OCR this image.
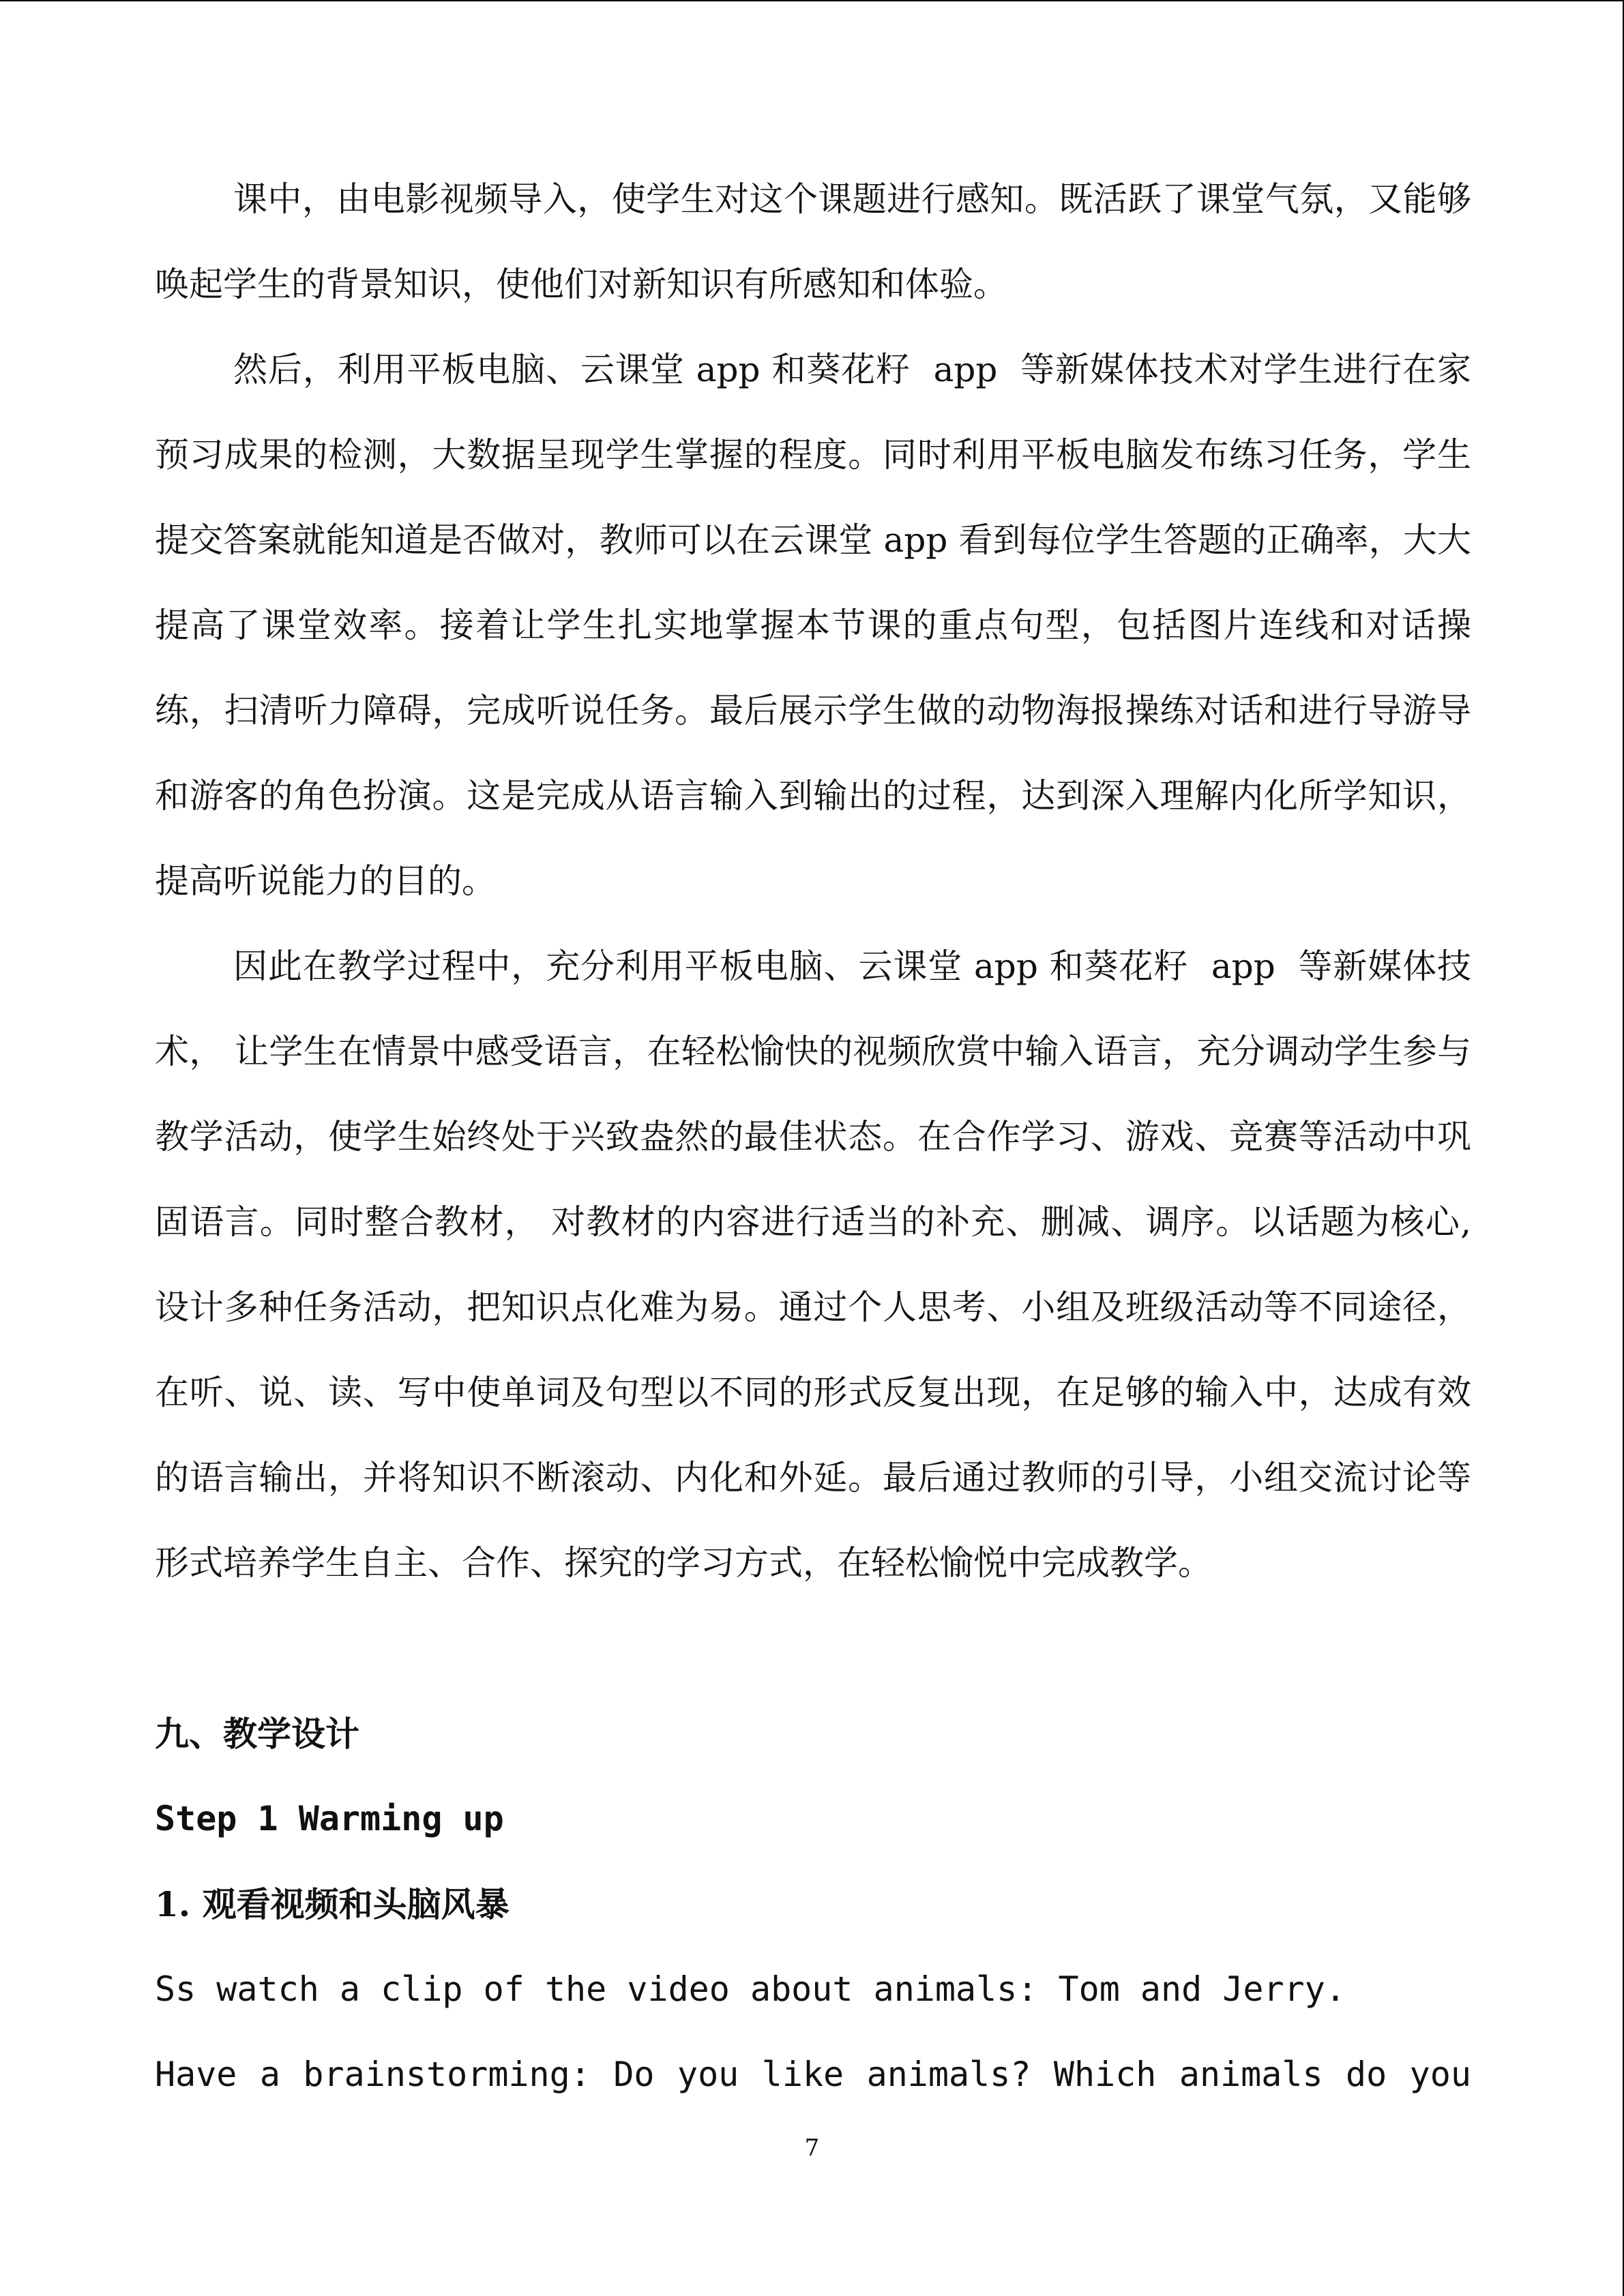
课中，由电影视频导入，使学生对这个课题进行感知。既活跃了课堂气氛，又能够唤起学生的背景知识，使他们对新知识有所感知和体验。
然后，利用平板电脑、云课堂 app 和葵花籽  app  等新媒体技术对学生进行在家预习成果的检测，大数据呈现学生掌握的程度。同时利用平板电脑发布练习任务，学生提交答案就能知道是否做对，教师可以在云课堂 app 看到每位学生答题的正确率，大大提高了课堂效率。接着让学生扎实地掌握本节课的重点句型，包括图片连线和对话操练，扫清听力障碍，完成听说任务。最后展示学生做的动物海报操练对话和进行导游导和游客的角色扮演。这是完成从语言输入到输出的过程，达到深入理解内化所学知识，提高听说能力的目的。
因此在教学过程中，充分利用平板电脑、云课堂 app 和葵花籽  app  等新媒体技术， 让学生在情景中感受语言，在轻松愉快的视频欣赏中输入语言，充分调动学生参与教学活动，使学生始终处于兴致盎然的最佳状态。在合作学习、游戏、竞赛等活动中巩固语言。同时整合教材， 对教材的内容进行适当的补充、删减、调序。以话题为核心,设计多种任务活动，把知识点化难为易。通过个人思考、小组及班级活动等不同途径，在听、说、读、写中使单词及句型以不同的形式反复出现，在足够的输入中，达成有效的语言输出，并将知识不断滚动、内化和外延。最后通过教师的引导，小组交流讨论等形式培养学生自主、合作、探究的学习方式，在轻松愉悦中完成教学。
九、教学设计
Step 1 Warming up
1. 观看视频和头脑风暴
Ss watch a clip of the video about animals: Tom and Jerry.
Have a brainstorming: Do you like animals? Which animals do you
7
